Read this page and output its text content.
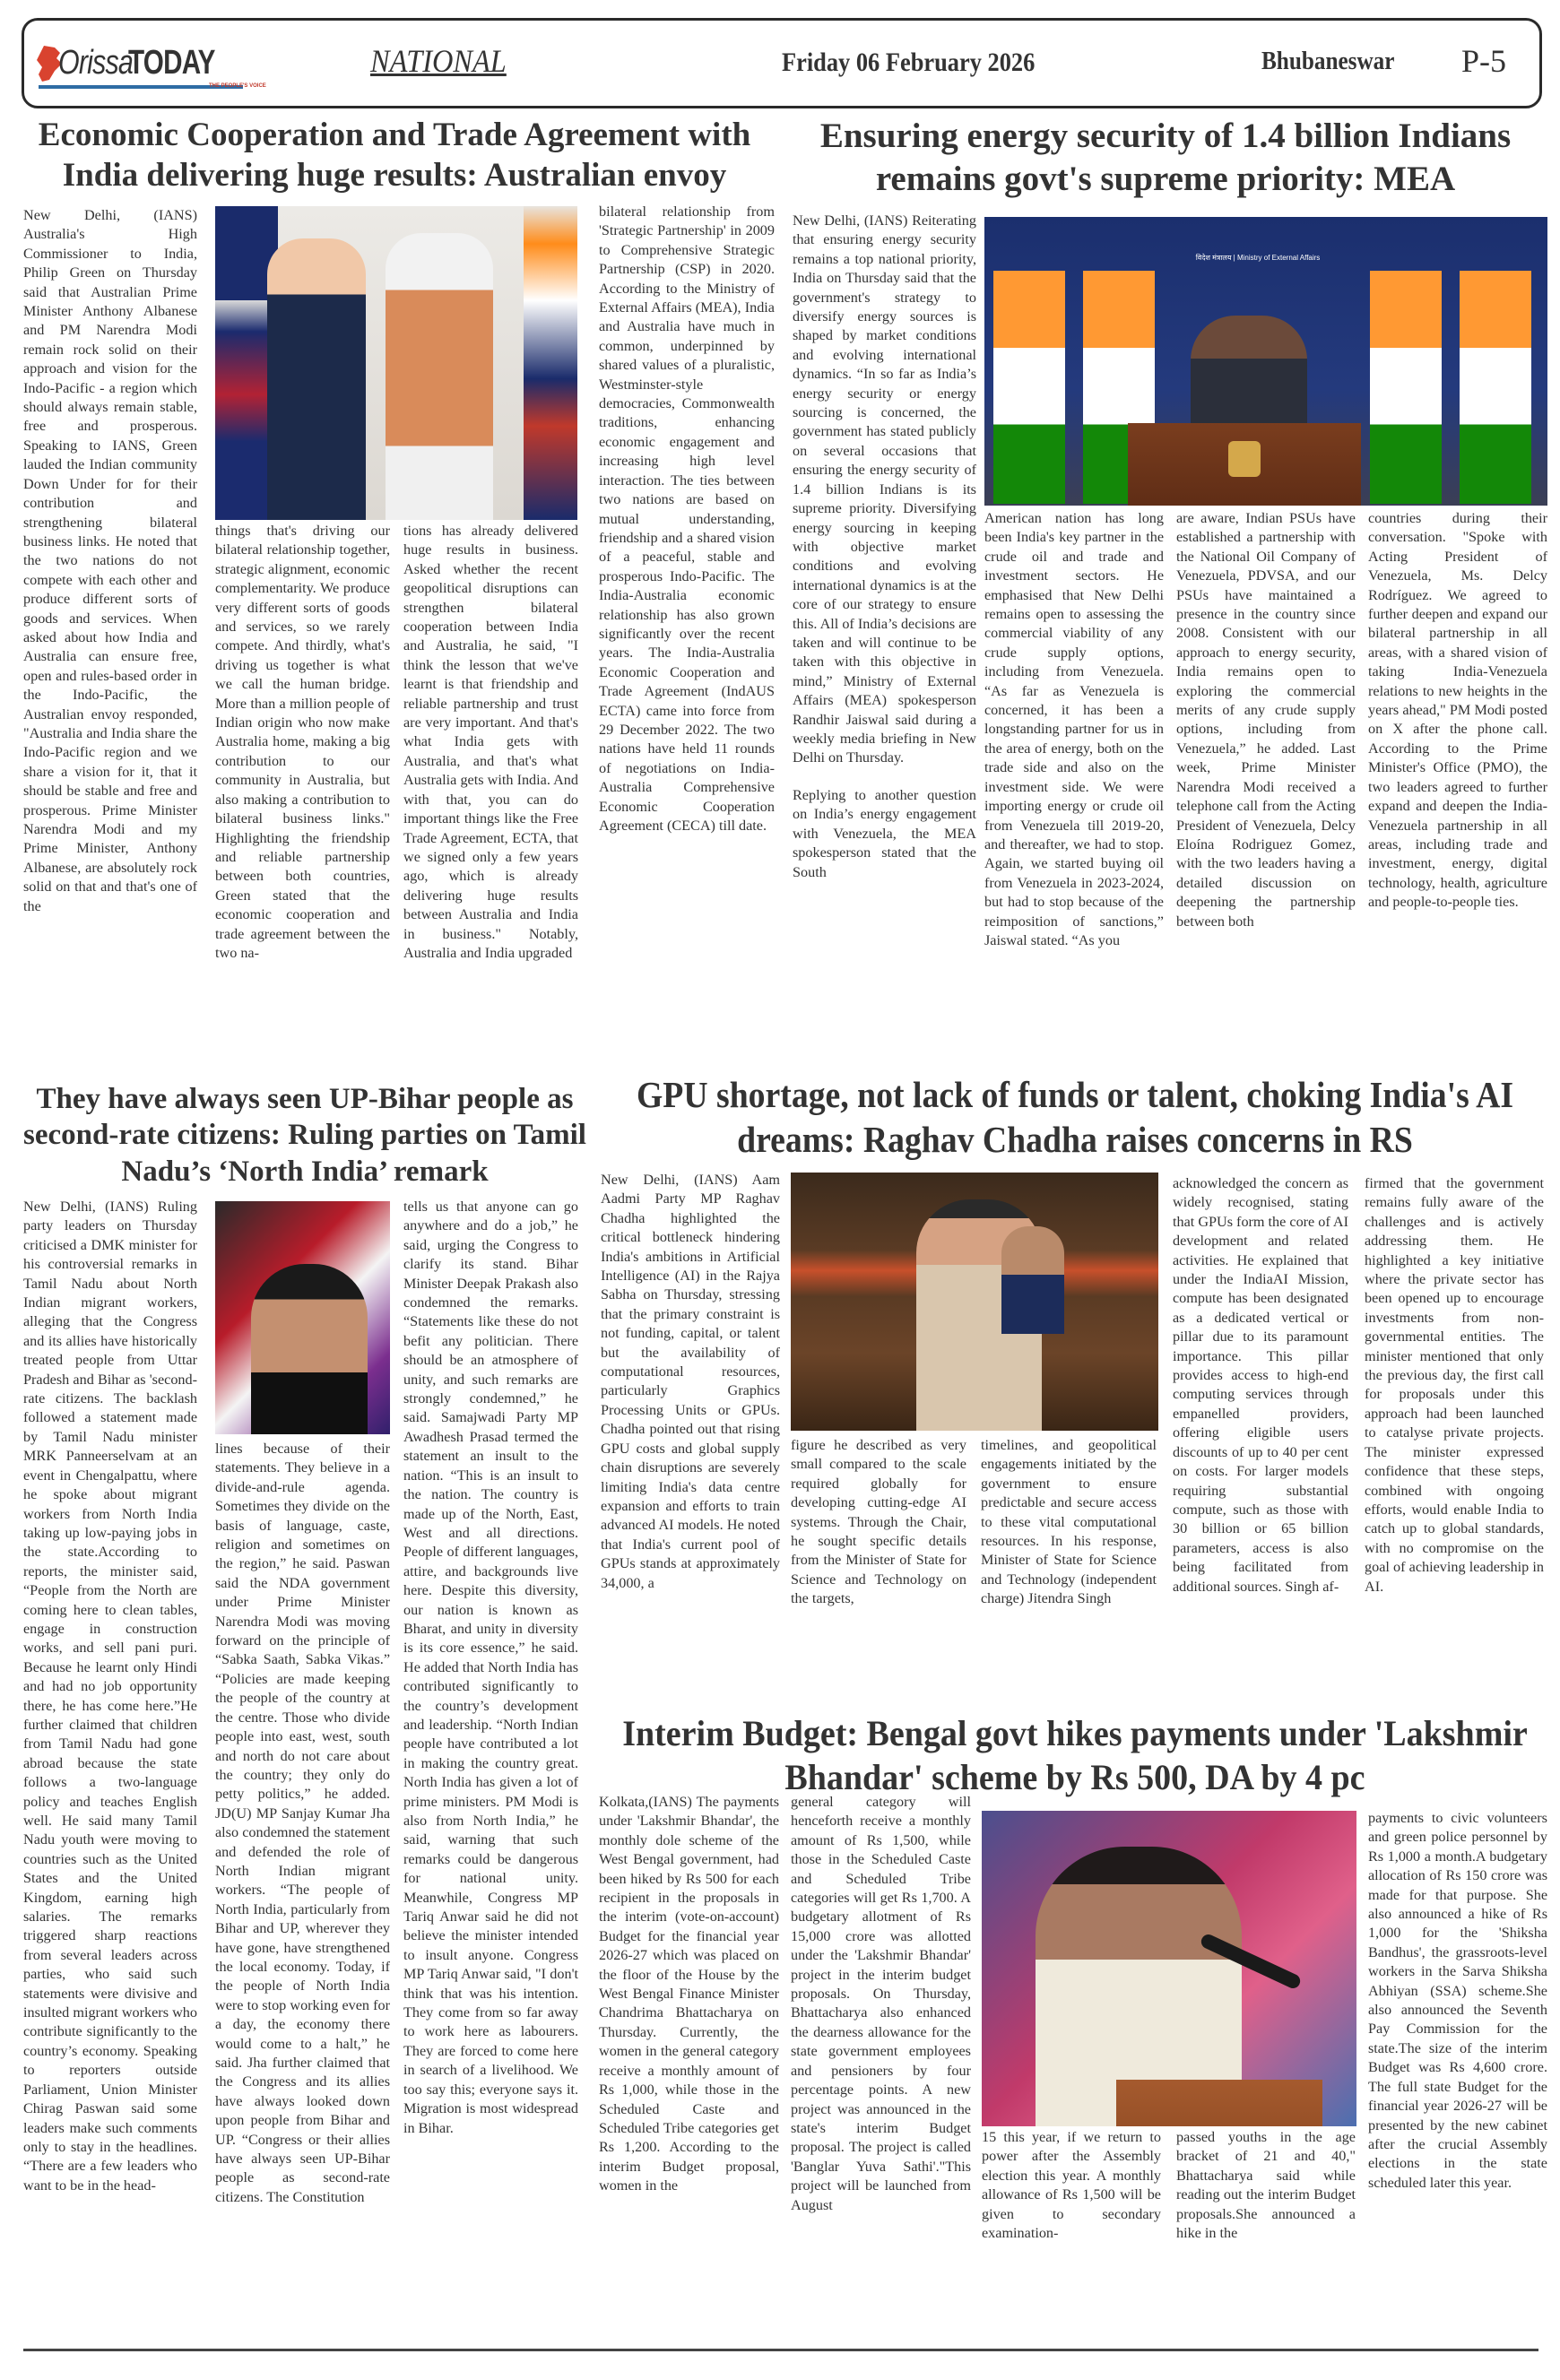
Orissa
TODAY
THE PEOPLE'S VOICE
NATIONAL	Friday 06 February 2026	Bhubaneswar P-5
Economic Cooperation and Trade Agreement with India delivering huge results: Australian envoy
New Delhi, (IANS) Australia's High Commissioner to India, Philip Green on Thursday said that Australian Prime Minister Anthony Albanese and PM Narendra Modi remain rock solid on their approach and vision for the Indo-Pacific - a region which should always remain stable, free and prosperous. Speaking to IANS, Green lauded the Indian community Down Under for for their contribution and strengthening bilateral business links. He noted that the two nations do not compete with each other and produce different sorts of goods and services. When asked about how India and Australia can ensure free, open and rules-based order in the Indo-Pacific, the Australian envoy responded, "Australia and India share the Indo-Pacific region and we share a vision for it, that it should be stable and free and prosperous. Prime Minister Narendra Modi and my Prime Minister, Anthony Albanese, are absolutely rock solid on that and that's one of the
things that's driving our bilateral relationship together, strategic alignment, economic complementarity. We produce very different sorts of goods and services, so we rarely compete. And thirdly, what's driving us together is what we call the human bridge. More than a million people of Indian origin who now make Australia home, making a big contribution to our community in Australia, but also making a contribution to bilateral business links." Highlighting the friendship and reliable partnership between both countries, Green stated that the economic cooperation and trade agreement between the two na-
tions has already delivered huge results in business. Asked whether the recent geopolitical disruptions can strengthen bilateral cooperation between India and Australia, he said, "I think the lesson that we've learnt is that friendship and reliable partnership and trust are very important. And that's what India gets with Australia, and that's what Australia gets with India. And with that, you can do important things like the Free Trade Agreement, ECTA, that we signed only a few years ago, which is already delivering huge results between Australia and India in business." Notably, Australia and India upgraded
bilateral relationship from 'Strategic Partnership' in 2009 to Comprehensive Strategic Partnership (CSP) in 2020. According to the Ministry of External Affairs (MEA), India and Australia have much in common, underpinned by shared values of a pluralistic, Westminster-style democracies, Commonwealth traditions, enhancing economic engagement and increasing high level interaction. The ties between two nations are based on mutual understanding, friendship and a shared vision of a peaceful, stable and prosperous Indo-Pacific. The India-Australia economic relationship has also grown significantly over the recent years. The India-Australia Economic Cooperation and Trade Agreement (IndAUS ECTA) came into force from 29 December 2022. The two nations have held 11 rounds of negotiations on India-Australia Comprehensive Economic Cooperation Agreement (CECA) till date.
Ensuring energy security of 1.4 billion Indians remains govt's supreme priority: MEA
New Delhi, (IANS) Reiterating that ensuring energy security remains a top national priority, India on Thursday said that the government's strategy to diversify energy sources is shaped by market conditions and evolving international dynamics. “In so far as India’s energy security or energy sourcing is concerned, the government has stated publicly on several occasions that ensuring the energy security of 1.4 billion Indians is its supreme priority. Diversifying energy sourcing in keeping with objective market conditions and evolving international dynamics is at the core of our strategy to ensure this. All of India’s decisions are taken and will continue to be taken with this objective in mind,” Ministry of External Affairs (MEA) spokesperson Randhir Jaiswal said during a weekly media briefing in New Delhi on Thursday.
Replying to another question on India’s energy engagement with Venezuela, the MEA spokesperson stated that the South
विदेश मंत्रालय | Ministry of External Affairs
American nation has long been India's key partner in the crude oil and trade and investment sectors. He emphasised that New Delhi remains open to assessing the commercial viability of any crude supply options, including from Venezuela. “As far as Venezuela is concerned, it has been a longstanding partner for us in the area of energy, both on the trade side and also on the investment side. We were importing energy or crude oil from Venezuela till 2019-20, and thereafter, we had to stop. Again, we started buying oil from Venezuela in 2023-2024, but had to stop because of the reimposition of sanctions,” Jaiswal stated. “As you
are aware, Indian PSUs have established a partnership with the National Oil Company of Venezuela, PDVSA, and our PSUs have maintained a presence in the country since 2008. Consistent with our approach to energy security, India remains open to exploring the commercial merits of any crude supply options, including from Venezuela,” he added. Last week, Prime Minister Narendra Modi received a telephone call from the Acting President of Venezuela, Delcy Eloína Rodriguez Gomez, with the two leaders having a detailed discussion on deepening the partnership between both
countries during their conversation. "Spoke with Acting President of Venezuela, Ms. Delcy Rodríguez. We agreed to further deepen and expand our bilateral partnership in all areas, with a shared vision of taking India-Venezuela relations to new heights in the years ahead," PM Modi posted on X after the phone call. According to the Prime Minister's Office (PMO), the two leaders agreed to further expand and deepen the India-Venezuela partnership in all areas, including trade and investment, energy, digital technology, health, agriculture and people-to-people ties.
They have always seen UP-Bihar people as second-rate citizens: Ruling parties on Tamil Nadu’s ‘North India’ remark
New Delhi, (IANS) Ruling party leaders on Thursday criticised a DMK minister for his controversial remarks in Tamil Nadu about North Indian migrant workers, alleging that the Congress and its allies have historically treated people from Uttar Pradesh and Bihar as 'second-rate citizens. The backlash followed a statement made by Tamil Nadu minister MRK Panneerselvam at an event in Chengalpattu, where he spoke about migrant workers from North India taking up low-paying jobs in the state.According to reports, the minister said, “People from the North are coming here to clean tables, engage in construction works, and sell pani puri. Because he learnt only Hindi and had no job opportunity there, he has come here.”He further claimed that children from Tamil Nadu had gone abroad because the state follows a two-language policy and teaches English well. He said many Tamil Nadu youth were moving to countries such as the United States and the United Kingdom, earning high salaries. The remarks triggered sharp reactions from several leaders across parties, who said such statements were divisive and insulted migrant workers who contribute significantly to the country’s economy. Speaking to reporters outside Parliament, Union Minister Chirag Paswan said some leaders make such comments only to stay in the headlines. “There are a few leaders who want to be in the head-
lines because of their statements. They believe in a divide-and-rule agenda. Sometimes they divide on the basis of language, caste, religion and sometimes on the region,” he said. Paswan said the NDA government under Prime Minister Narendra Modi was moving forward on the principle of “Sabka Saath, Sabka Vikas.” “Policies are made keeping the people of the country at the centre. Those who divide people into east, west, south and north do not care about the country; they only do petty politics,” he added. JD(U) MP Sanjay Kumar Jha also condemned the statement and defended the role of North Indian migrant workers. “The people of North India, particularly from Bihar and UP, wherever they have gone, have strengthened the local economy. Today, if the people of North India were to stop working even for a day, the economy there would come to a halt,” he said. Jha further claimed that the Congress and its allies have always looked down upon people from Bihar and UP. “Congress or their allies have always seen UP-Bihar people as second-rate citizens. The Constitution
tells us that anyone can go anywhere and do a job,” he said, urging the Congress to clarify its stand. Bihar Minister Deepak Prakash also condemned the remarks. “Statements like these do not befit any politician. There should be an atmosphere of unity, and such remarks are strongly condemned,” he said. Samajwadi Party MP Awadhesh Prasad termed the statement an insult to the nation. “This is an insult to the nation. The country is made up of the North, East, West and all directions. People of different languages, attire, and backgrounds live here. Despite this diversity, our nation is known as Bharat, and unity in diversity is its core essence,” he said. He added that North India has contributed significantly to the country’s development and leadership. “North Indian people have contributed a lot in making the country great. North India has given a lot of prime ministers. PM Modi is also from North India,” he said, warning that such remarks could be dangerous for national unity. Meanwhile, Congress MP Tariq Anwar said he did not believe the minister intended to insult anyone. Congress MP Tariq Anwar said, "I don't think that was his intention. They come from so far away to work here as labourers. They are forced to come here in search of a livelihood. We too say this; everyone says it. Migration is most widespread in Bihar.
GPU shortage, not lack of funds or talent, choking India's AI dreams: Raghav Chadha raises concerns in RS
New Delhi, (IANS) Aam Aadmi Party MP Raghav Chadha highlighted the critical bottleneck hindering India's ambitions in Artificial Intelligence (AI) in the Rajya Sabha on Thursday, stressing that the primary constraint is not funding, capital, or talent but the availability of computational resources, particularly Graphics Processing Units or GPUs. Chadha pointed out that rising GPU costs and global supply chain disruptions are severely limiting India's data centre expansion and efforts to train advanced AI models. He noted that India's current pool of GPUs stands at approximately 34,000, a
figure he described as very small compared to the scale required globally for developing cutting-edge AI systems. Through the Chair, he sought specific details from the Minister of State for Science and Technology on the targets,
timelines, and geopolitical engagements initiated by the government to ensure predictable and secure access to these vital computational resources. In his response, Minister of State for Science and Technology (independent charge) Jitendra Singh
acknowledged the concern as widely recognised, stating that GPUs form the core of AI development and related activities. He explained that under the IndiaAI Mission, compute has been designated as a dedicated vertical or pillar due to its paramount importance. This pillar provides access to high-end computing services through empanelled providers, offering eligible users discounts of up to 40 per cent on costs. For larger models requiring substantial compute, such as those with 30 billion or 65 billion parameters, access is also being facilitated from additional sources. Singh af-
firmed that the government remains fully aware of the challenges and is actively addressing them. He highlighted a key initiative where the private sector has been opened up to encourage investments from non-governmental entities. The minister mentioned that only the previous day, the first call for proposals under this approach had been launched to catalyse private projects. The minister expressed confidence that these steps, combined with ongoing efforts, would enable India to catch up to global standards, with no compromise on the goal of achieving leadership in AI.
Interim Budget: Bengal govt hikes payments under 'Lakshmir Bhandar' scheme by Rs 500, DA by 4 pc
Kolkata,(IANS) The payments under 'Lakshmir Bhandar', the monthly dole scheme of the West Bengal government, had been hiked by Rs 500 for each recipient in the proposals in the interim (vote-on-account) Budget for the financial year 2026-27 which was placed on the floor of the House by the West Bengal Finance Minister Chandrima Bhattacharya on Thursday. Currently, the women in the general category receive a monthly amount of Rs 1,000, while those in the Scheduled Caste and Scheduled Tribe categories get Rs 1,200. According to the interim Budget proposal, women in the
general category will henceforth receive a monthly amount of Rs 1,500, while those in the Scheduled Caste and Scheduled Tribe categories will get Rs 1,700. A budgetary allotment of Rs 15,000 crore was allotted under the 'Lakshmir Bhandar' project in the interim budget proposals. On Thursday, Bhattacharya also enhanced the dearness allowance for the state government employees and pensioners by four percentage points. A new project was announced in the state's interim Budget proposal. The project is called 'Banglar Yuva Sathi'."This project will be launched from August
15 this year, if we return to power after the Assembly election this year. A monthly allowance of Rs 1,500 will be given to secondary examination-
passed youths in the age bracket of 21 and 40," Bhattacharya said while reading out the interim Budget proposals.She announced a hike in the
payments to civic volunteers and green police personnel by Rs 1,000 a month.A budgetary allocation of Rs 150 crore was made for that purpose. She also announced a hike of Rs 1,000 for the 'Shiksha Bandhus', the grassroots-level workers in the Sarva Shiksha Abhiyan (SSA) scheme.She also announced the Seventh Pay Commission for the state.The size of the interim Budget was Rs 4,600 crore. The full state Budget for the financial year 2026-27 will be presented by the new cabinet after the crucial Assembly elections in the state scheduled later this year.
